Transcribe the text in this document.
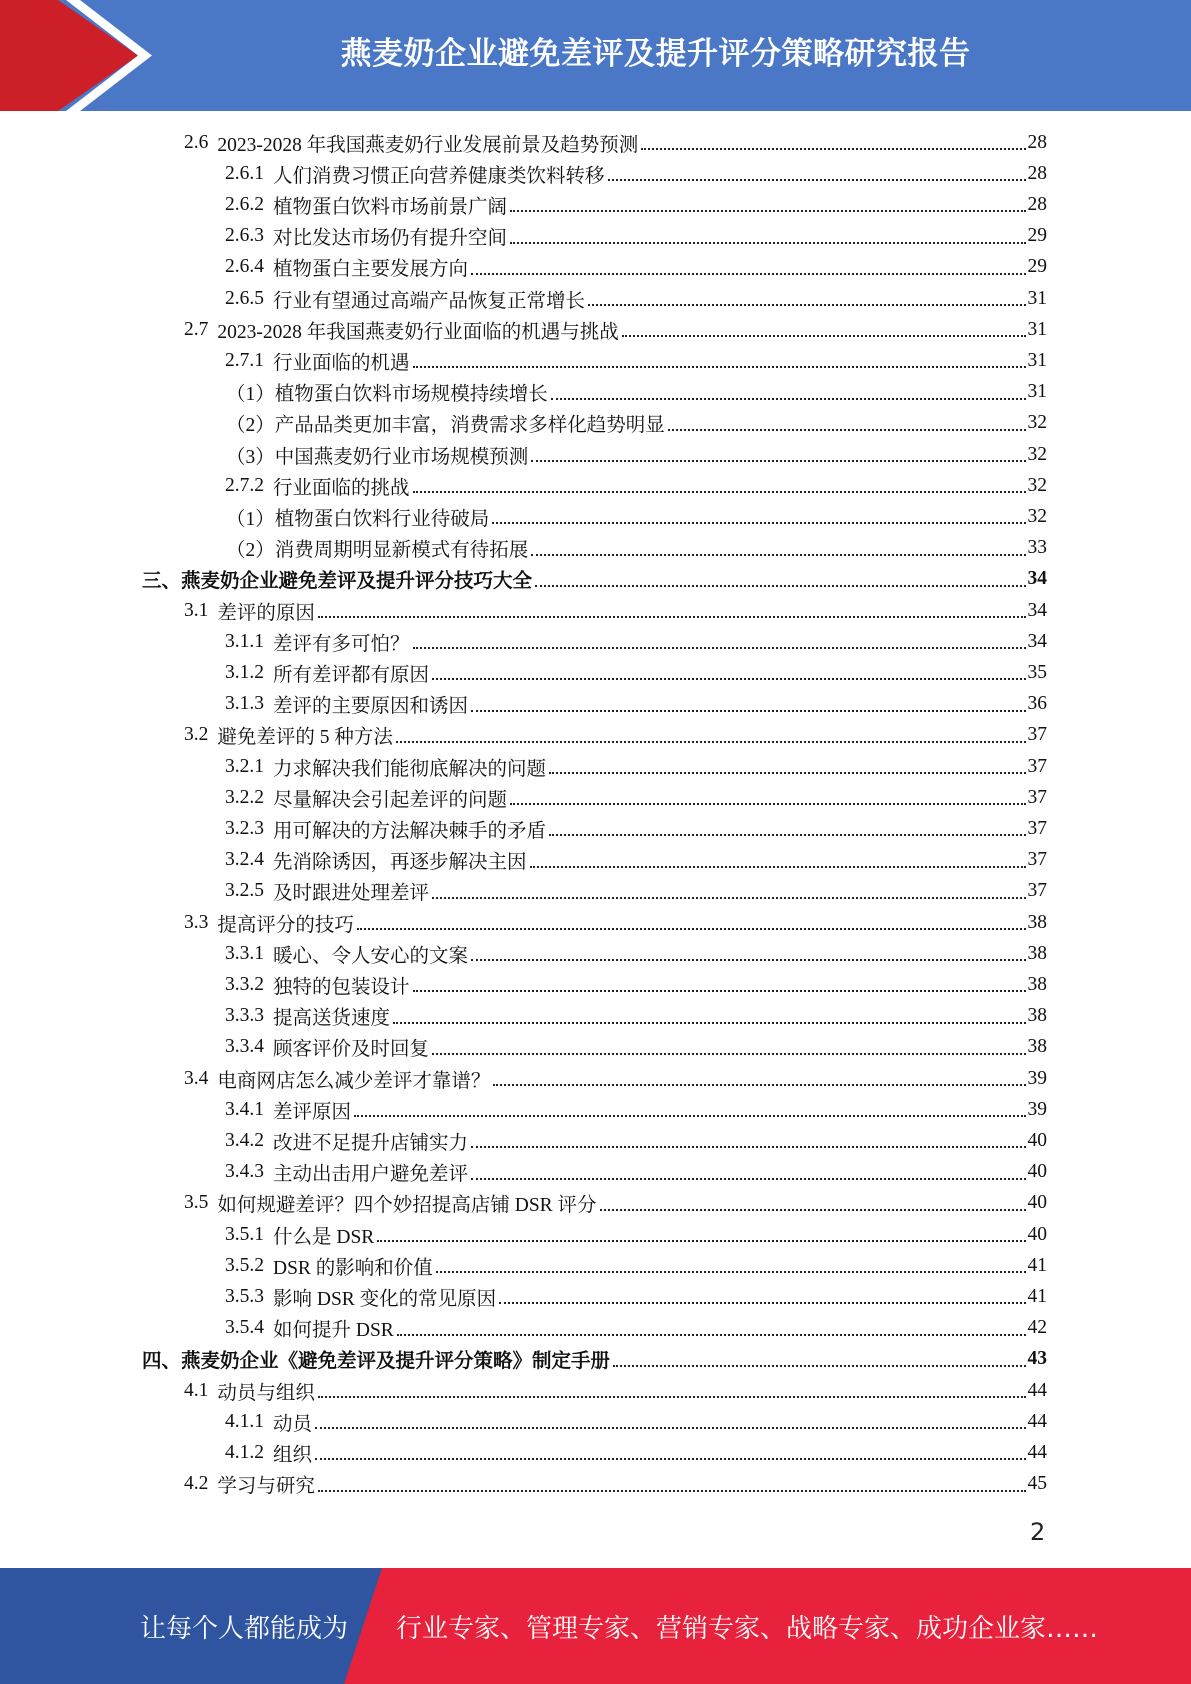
燕麦奶企业避免差评及提升评分策略研究报告
2.6 2023-2028 年我国燕麦奶行业发展前景及趋势预测	28
2.6.1 人们消费习惯正向营养健康类饮料转移	28
2.6.2 植物蛋白饮料市场前景广阔	28
2.6.3 对比发达市场仍有提升空间	29
2.6.4 植物蛋白主要发展方向	29
2.6.5 行业有望通过高端产品恢复正常增长	31
2.7 2023-2028 年我国燕麦奶行业面临的机遇与挑战	31
2.7.1 行业面临的机遇	31
（1） 植物蛋白饮料市场规模持续增长	31
（2） 产品品类更加丰富，消费需求多样化趋势明显	32
（3） 中国燕麦奶行业市场规模预测	32
2.7.2 行业面临的挑战	32
（1） 植物蛋白饮料行业待破局	32
（2） 消费周期明显新模式有待拓展	33
三、 燕麦奶企业避免差评及提升评分技巧大全	34
3.1 差评的原因	34
3.1.1 差评有多可怕？	34
3.1.2 所有差评都有原因	35
3.1.3 差评的主要原因和诱因	36
3.2 避免差评的 5 种方法	37
3.2.1 力求解决我们能彻底解决的问题	37
3.2.2 尽量解决会引起差评的问题	37
3.2.3 用可解决的方法解决棘手的矛盾	37
3.2.4 先消除诱因，再逐步解决主因	37
3.2.5 及时跟进处理差评	37
3.3 提高评分的技巧	38
3.3.1 暖心、令人安心的文案	38
3.3.2 独特的包装设计	38
3.3.3 提高送货速度	38
3.3.4 顾客评价及时回复	38
3.4 电商网店怎么减少差评才靠谱？	39
3.4.1 差评原因	39
3.4.2 改进不足提升店铺实力	40
3.4.3 主动出击用户避免差评	40
3.5 如何规避差评？四个妙招提高店铺 DSR 评分	40
3.5.1 什么是 DSR	40
3.5.2 DSR 的影响和价值	41
3.5.3 影响 DSR 变化的常见原因	41
3.5.4 如何提升 DSR	42
四、 燕麦奶企业《避免差评及提升评分策略》制定手册	43
4.1 动员与组织	44
4.1.1 动员	44
4.1.2 组织	44
4.2 学习与研究	45
2
让每个人都能成为 行业专家、管理专家、营销专家、战略专家、成功企业家……
